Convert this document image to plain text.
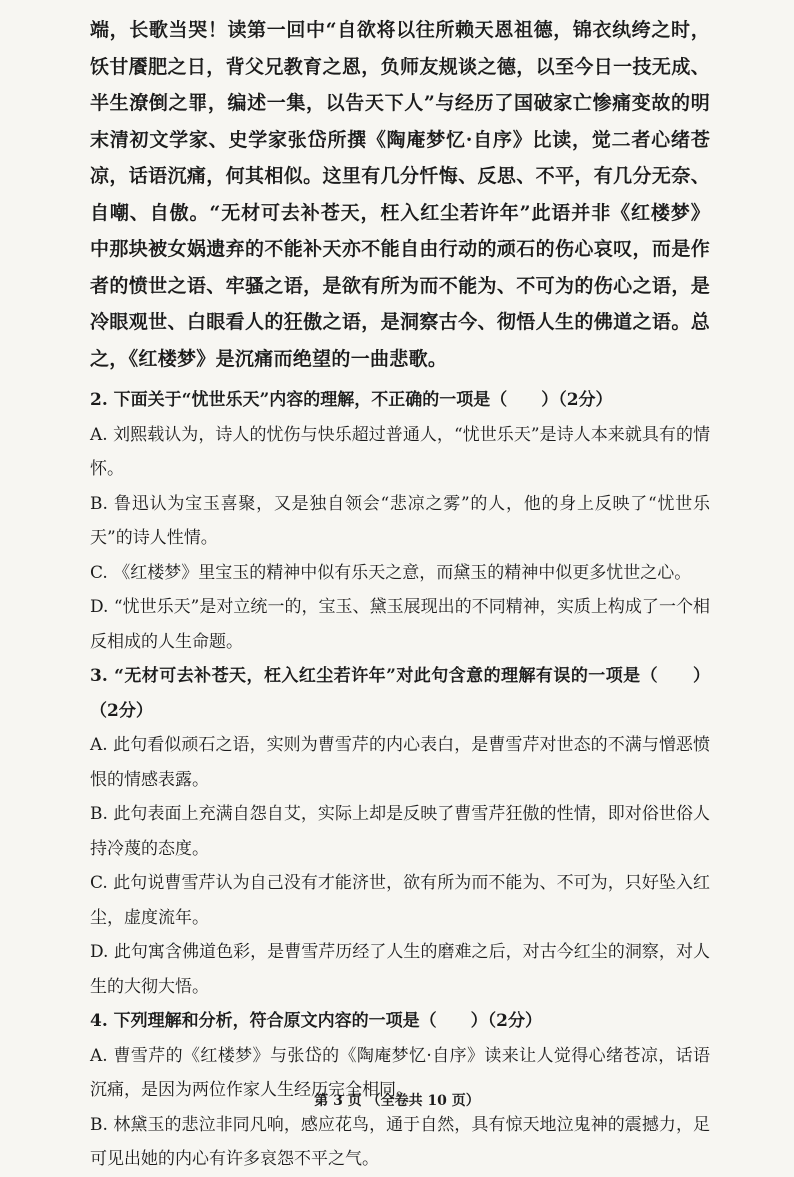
端，长歌当哭！读第一回中“自欲将以往所赖天恩祖德，锦衣纨绔之时，饫甘餍肥之日，背父兄教育之恩，负师友规谈之德，以至今日一技无成、半生潦倒之罪，编述一集，以告天下人”与经历了国破家亡惨痛变故的明末清初文学家、史学家张岱所撰《陶庵梦忆·自序》比读，觉二者心绪苍凉，话语沉痛，何其相似。这里有几分忏悔、反思、不平，有几分无奈、自嘲、自傲。“无材可去补苍天，枉入红尘若许年”此语并非《红楼梦》中那块被女娲遗弃的不能补天亦不能自由行动的顽石的伤心哀叹，而是作者的愤世之语、牢骚之语，是欲有所为而不能为、不可为的伤心之语，是冷眼观世、白眼看人的狂傲之语，是洞察古今、彻悟人生的佛道之语。总之，《红楼梦》是沉痛而绝望的一曲悲歌。

2. 下面关于“忧世乐天”内容的理解，不正确的一项是（　　）（2分）
A. 刘熙载认为，诗人的忧伤与快乐超过普通人，“忧世乐天”是诗人本来就具有的情怀。
B. 鲁迅认为宝玉喜聚，又是独自领会“悲凉之雾”的人，他的身上反映了“忧世乐天”的诗人性情。
C. 《红楼梦》里宝玉的精神中似有乐天之意，而黛玉的精神中似更多忧世之心。
D. “忧世乐天”是对立统一的，宝玉、黛玉展现出的不同精神，实质上构成了一个相反相成的人生命题。
3. “无材可去补苍天，枉入红尘若许年”对此句含意的理解有误的一项是（　　）（2分）
A. 此句看似顽石之语，实则为曹雪芹的内心表白，是曹雪芹对世态的不满与憎恶愤恨的情感表露。
B. 此句表面上充满自怨自艾，实际上却是反映了曹雪芹狂傲的性情，即对俗世俗人持冷蔑的态度。
C. 此句说曹雪芹认为自己没有才能济世，欲有所为而不能为、不可为，只好坠入红尘，虚度流年。
D. 此句寓含佛道色彩，是曹雪芹历经了人生的磨难之后，对古今红尘的洞察，对人生的大彻大悟。
4. 下列理解和分析，符合原文内容的一项是（　　）（2分）
A. 曹雪芹的《红楼梦》与张岱的《陶庵梦忆·自序》读来让人觉得心绪苍凉，话语沉痛，是因为两位作家人生经历完全相同。
B. 林黛玉的悲泣非同凡响，感应花鸟，通于自然，具有惊天地泣鬼神的震撼力，足可见出她的内心有许多哀怨不平之气。
第 3 页 （全卷共 10 页）
